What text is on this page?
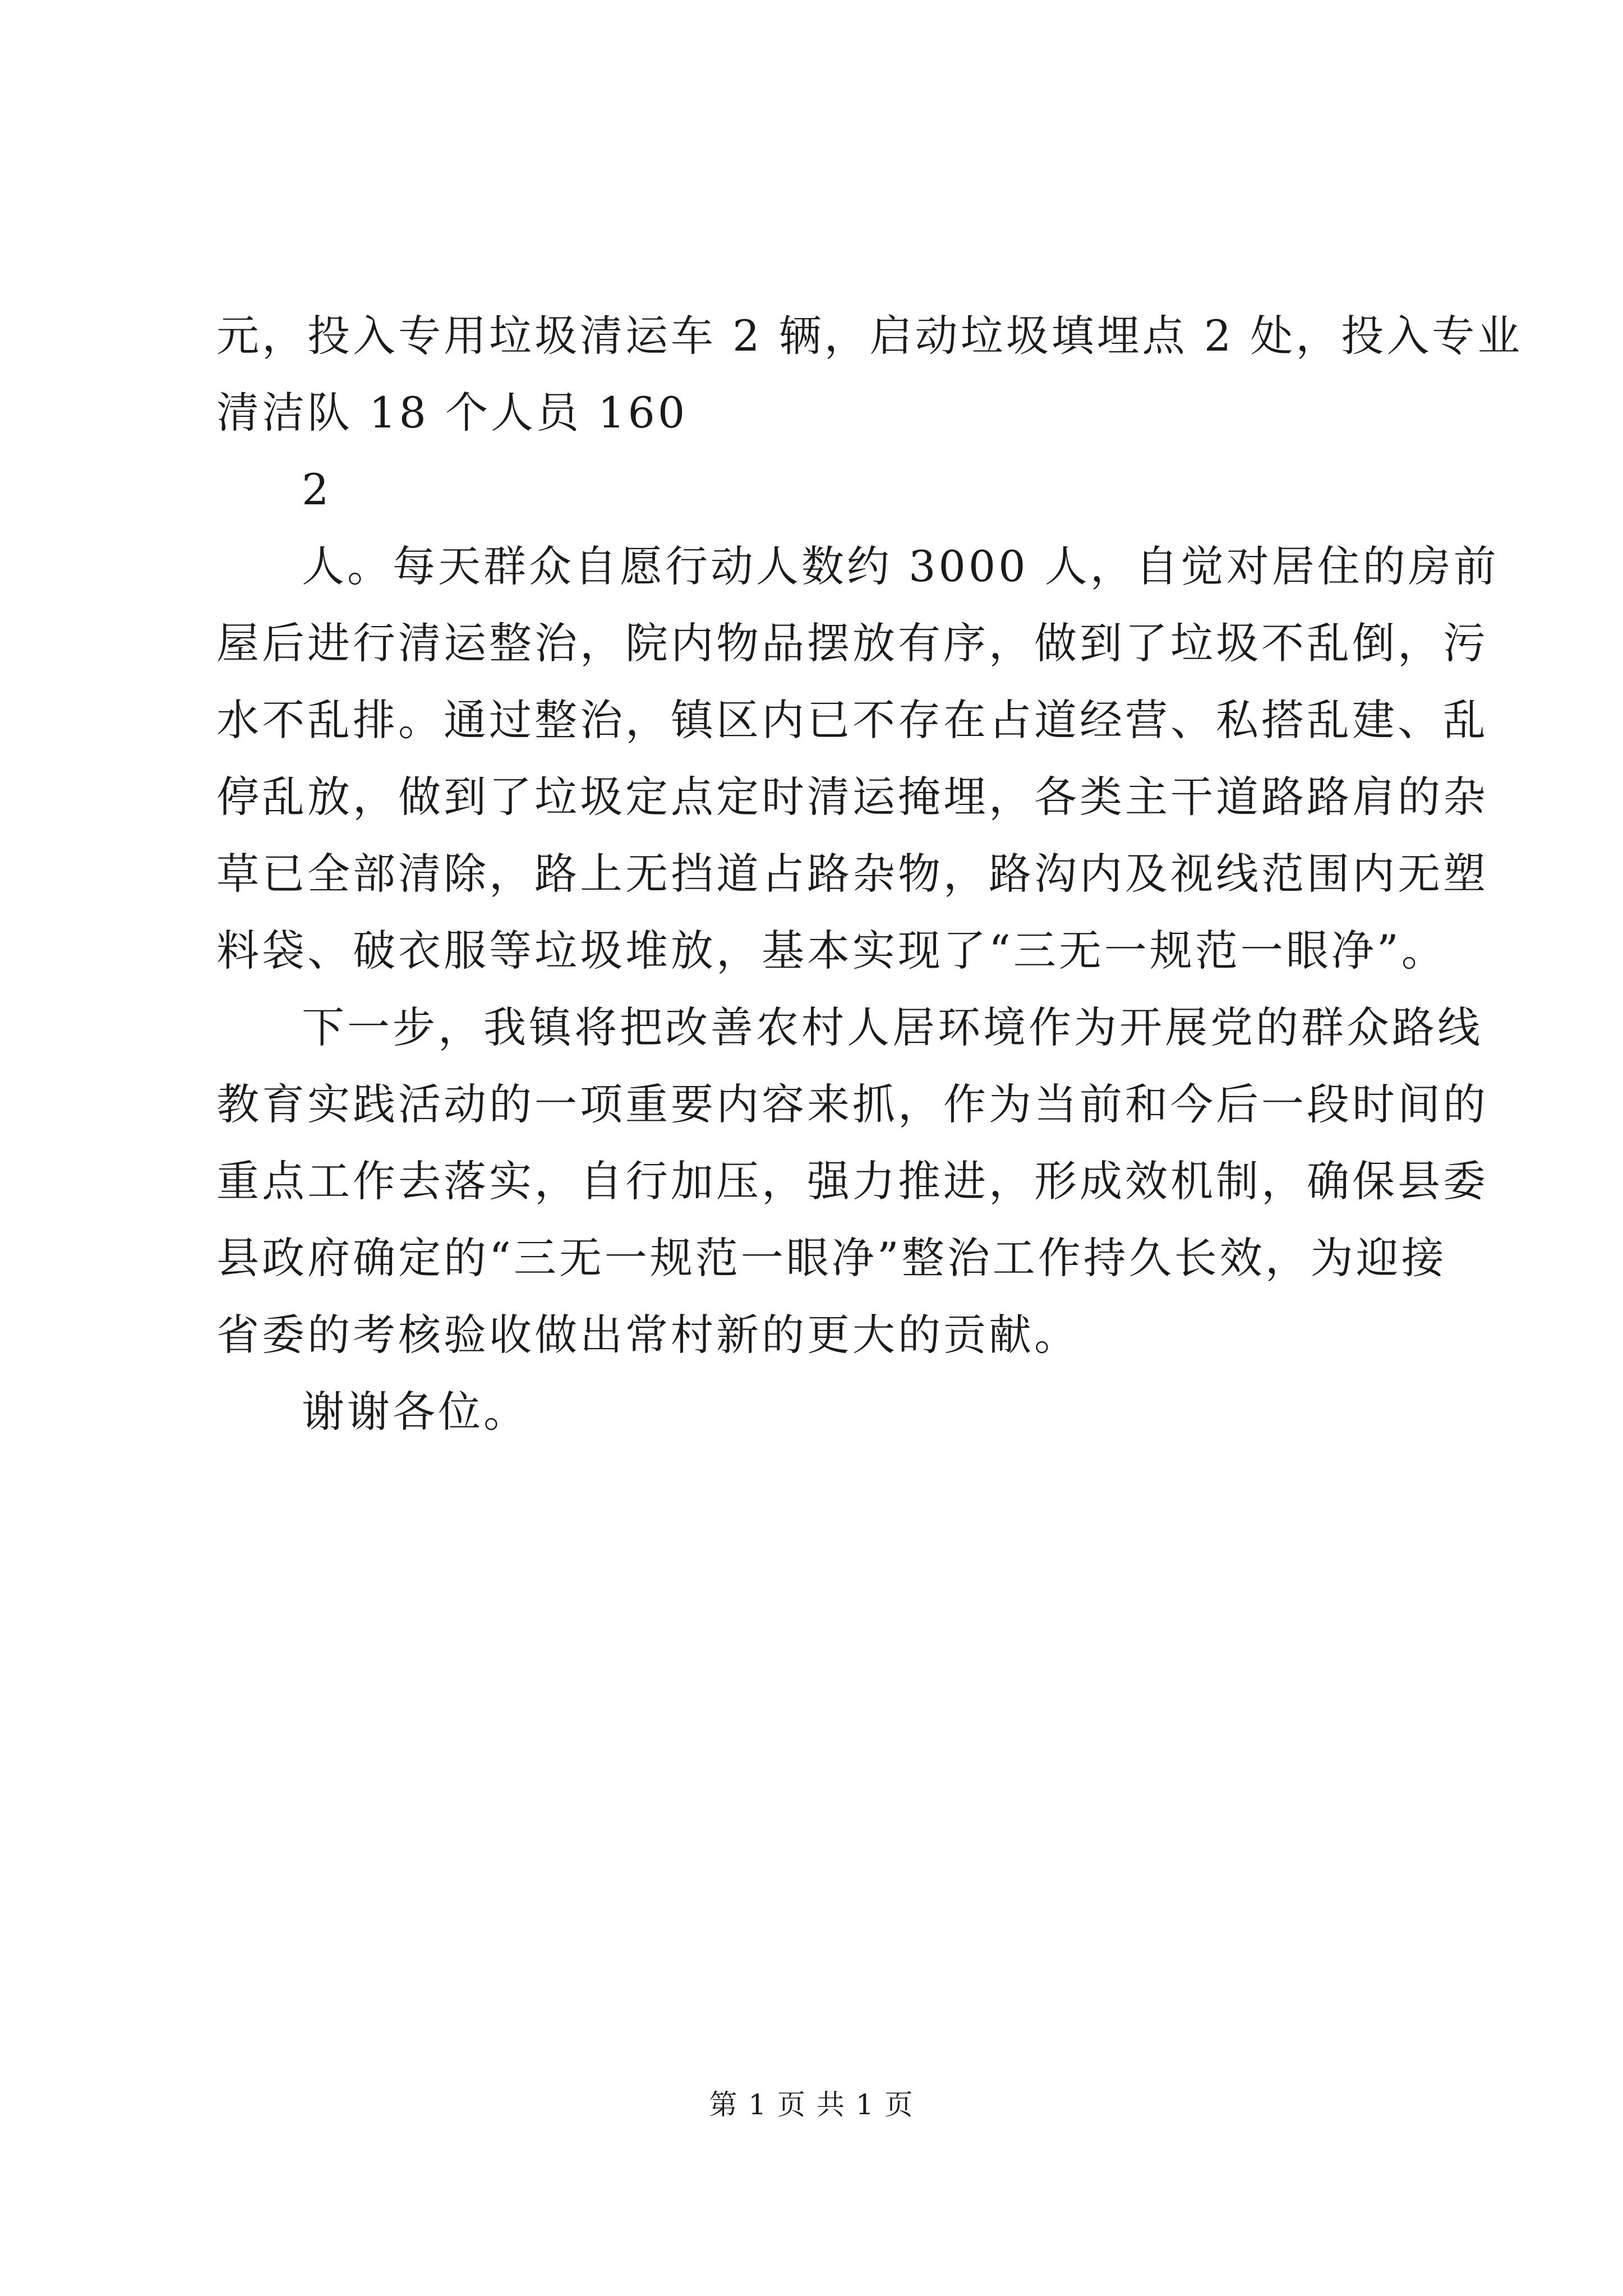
元，投入专用垃圾清运车 2 辆，启动垃圾填埋点 2 处，投入专业

清洁队 18 个人员 160

2

人。每天群众自愿行动人数约 3000 人，自觉对居住的房前

屋后进行清运整治，院内物品摆放有序，做到了垃圾不乱倒，污

水不乱排。通过整治，镇区内已不存在占道经营、私搭乱建、乱

停乱放，做到了垃圾定点定时清运掩埋，各类主干道路路肩的杂

草已全部清除，路上无挡道占路杂物，路沟内及视线范围内无塑

料袋、破衣服等垃圾堆放，基本实现了“三无一规范一眼净”。

下一步，我镇将把改善农村人居环境作为开展党的群众路线

教育实践活动的一项重要内容来抓，作为当前和今后一段时间的

重点工作去落实，自行加压，强力推进，形成效机制，确保县委

县政府确定的“三无一规范一眼净”整治工作持久长效，为迎接

省委的考核验收做出常村新的更大的贡献。

谢谢各位。

第 1 页 共 1 页
